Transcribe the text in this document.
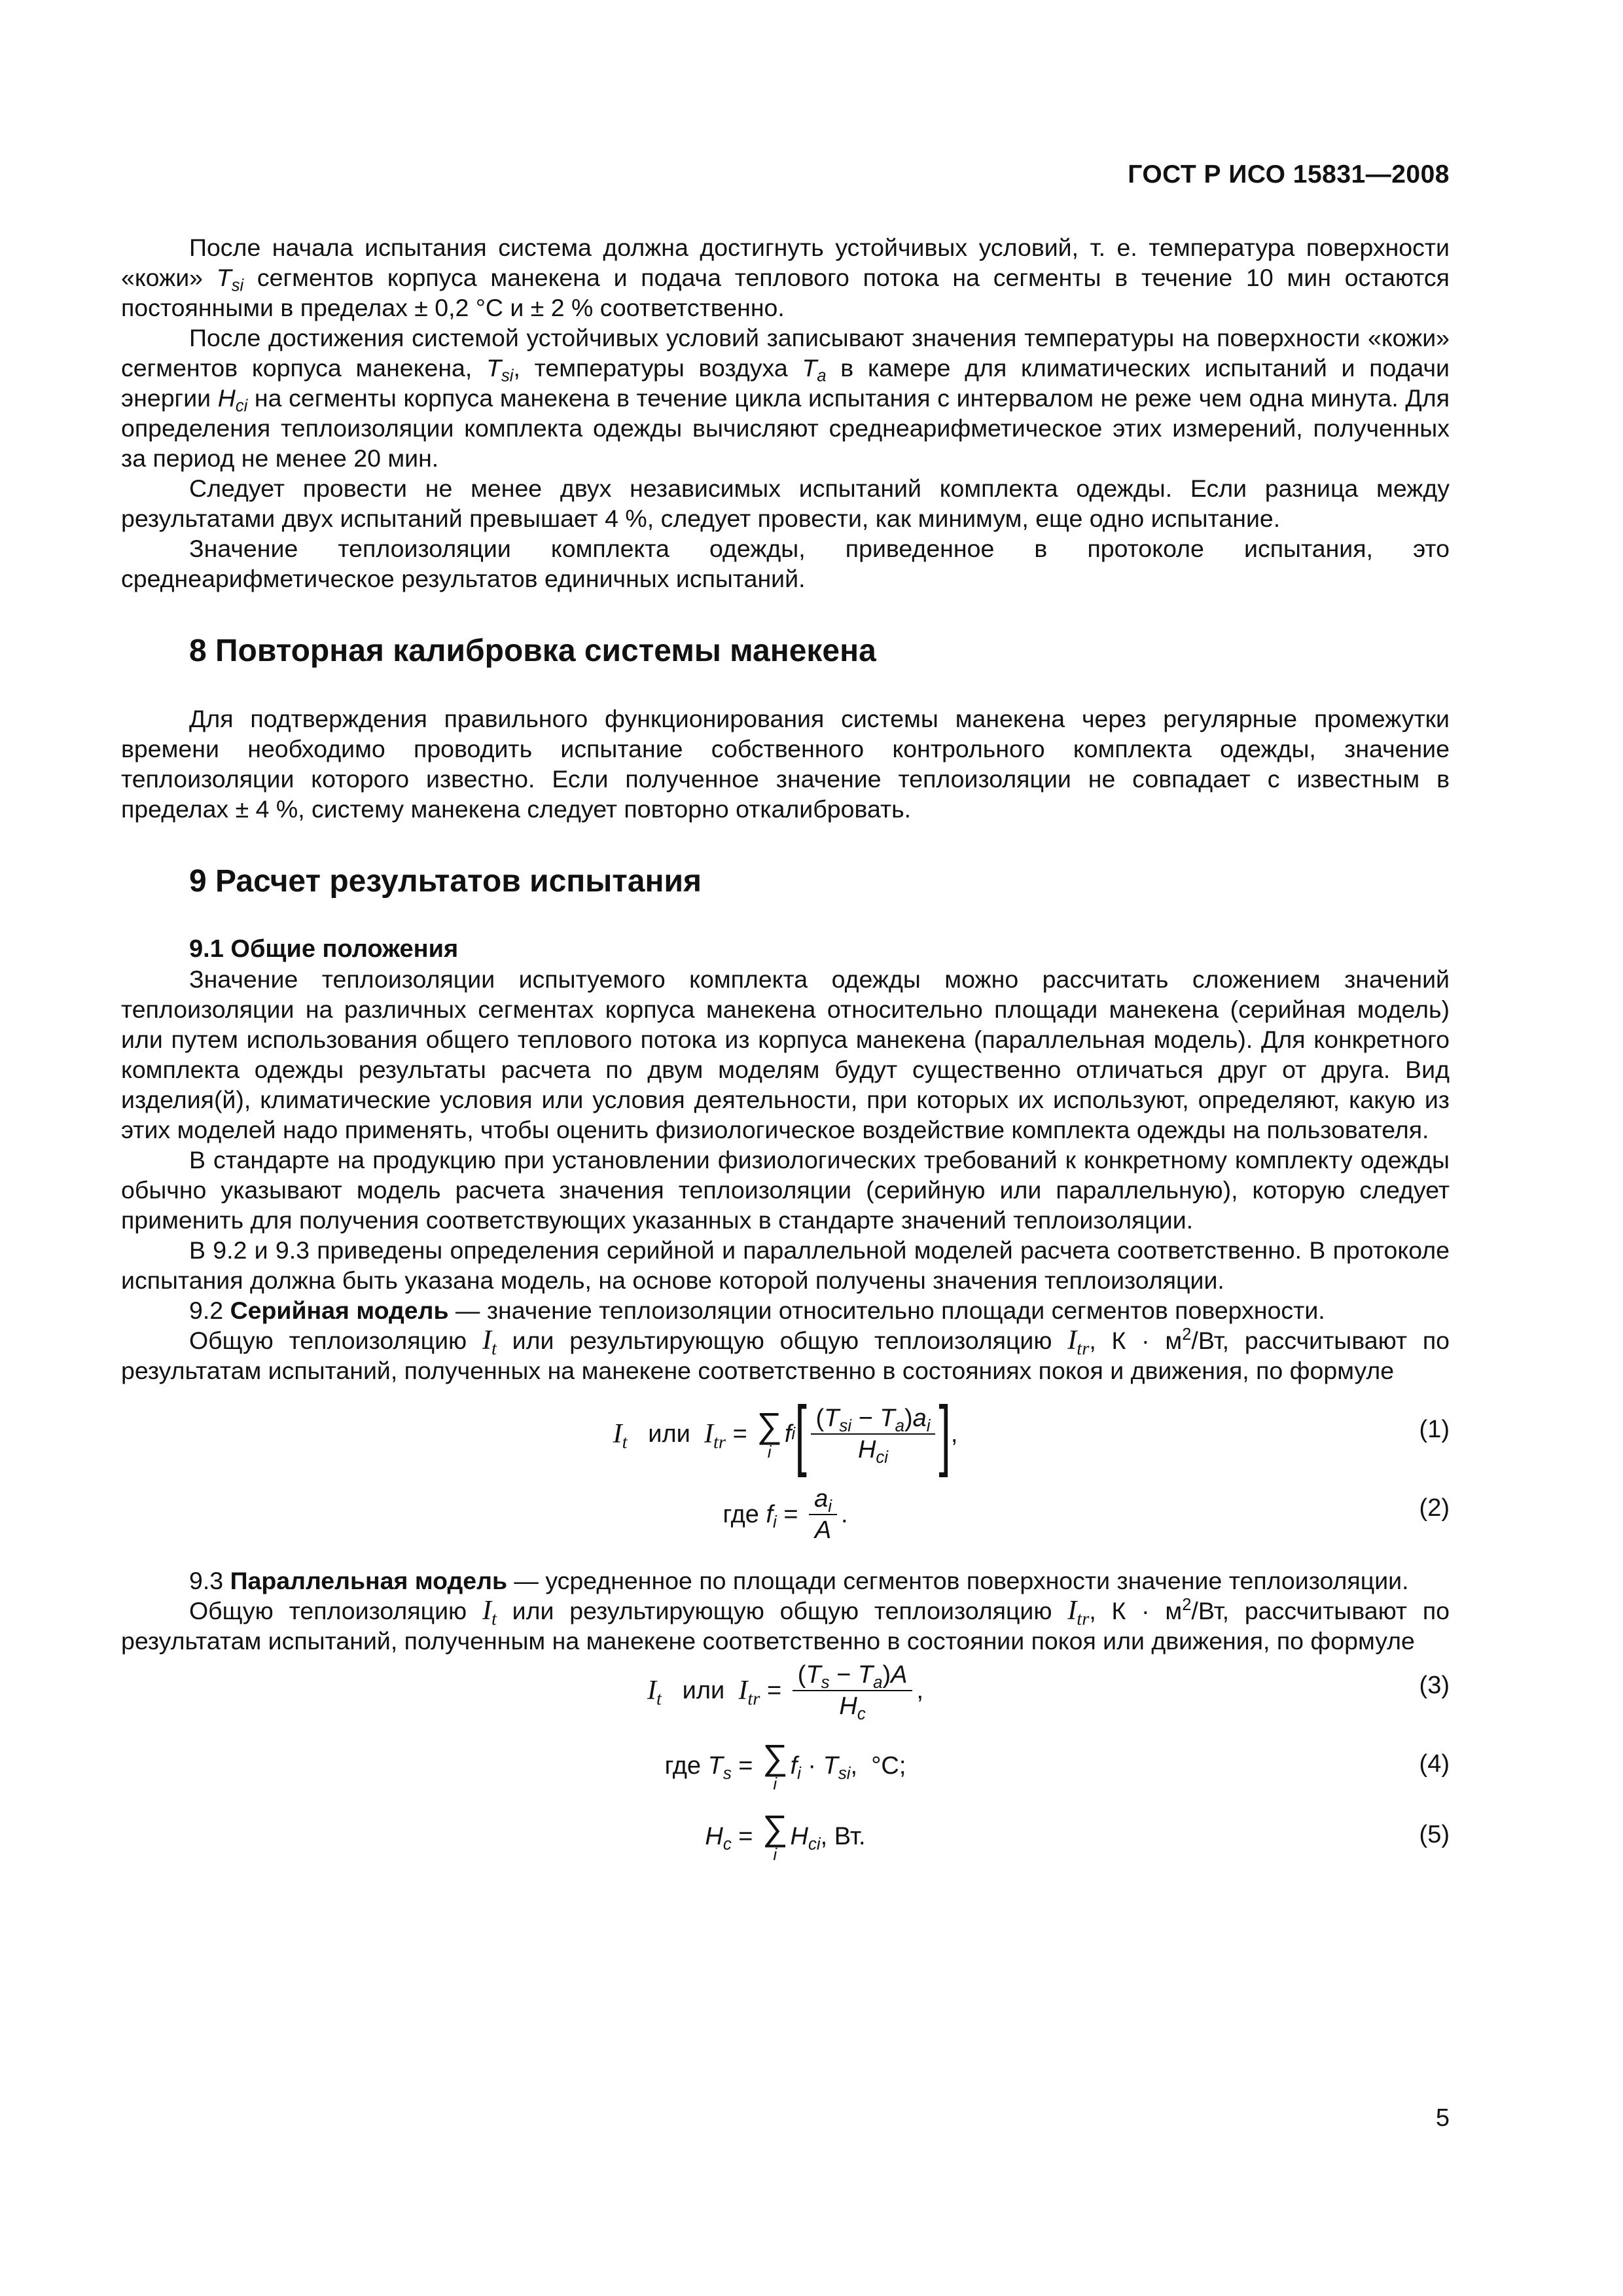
ГОСТ Р ИСО 15831—2008

После начала испытания система должна достигнуть устойчивых условий, т. е. температура поверхности «кожи» $T_{si}$ сегментов корпуса манекена и подача теплового потока на сегменты в течение 10 мин остаются постоянными в пределах ± 0,2 °С и ± 2 % соответственно.

После достижения системой устойчивых условий записывают значения температуры на поверхности «кожи» сегментов корпуса манекена, $T_{si}$, температуры воздуха $T_a$ в камере для климатических испытаний и подачи энергии $H_{ci}$ на сегменты корпуса манекена в течение цикла испытания с интервалом не реже чем одна минута. Для определения теплоизоляции комплекта одежды вычисляют среднеарифметическое этих измерений, полученных за период не менее 20 мин.

Следует провести не менее двух независимых испытаний комплекта одежды. Если разница между результатами двух испытаний превышает 4 %, следует провести, как минимум, еще одно испытание.

Значение теплоизоляции комплекта одежды, приведенное в протоколе испытания, это среднеарифметическое результатов единичных испытаний.

8 Повторная калибровка системы манекена

Для подтверждения правильного функционирования системы манекена через регулярные промежутки времени необходимо проводить испытание собственного контрольного комплекта одежды, значение теплоизоляции которого известно. Если полученное значение теплоизоляции не совпадает с известным в пределах ± 4 %, систему манекена следует повторно откалибровать.

9 Расчет результатов испытания
9.1 Общие положения

Значение теплоизоляции испытуемого комплекта одежды можно рассчитать сложением значений теплоизоляции на различных сегментах корпуса манекена относительно площади манекена (серийная модель) или путем использования общего теплового потока из корпуса манекена (параллельная модель). Для конкретного комплекта одежды результаты расчета по двум моделям будут существенно отличаться друг от друга. Вид изделия(й), климатические условия или условия деятельности, при которых их используют, определяют, какую из этих моделей надо применять, чтобы оценить физиологическое воздействие комплекта одежды на пользователя.

В стандарте на продукцию при установлении физиологических требований к конкретному комплекту одежды обычно указывают модель расчета значения теплоизоляции (серийную или параллельную), которую следует применить для получения соответствующих указанных в стандарте значений теплоизоляции.

В 9.2 и 9.3 приведены определения серийной и параллельной моделей расчета соответственно. В протоколе испытания должна быть указана модель, на основе которой получены значения теплоизоляции.

9.2 Серийная модель — значение теплоизоляции относительно площади сегментов поверхности.

Общую теплоизоляцию $I_t$ или результирующую общую теплоизоляцию $I_{tr}$, $К \cdot м^2/Вт$, рассчитывают по результатам испытаний, полученных на манекене соответственно в состояниях покоя и движения, по формуле

$I_t$
или
$I_{tr}$ = ∑
i
f i [ $\frac{(T_{si} - T_a)a_i}{H_{ci}}$ ] ,	(1)
где
$f_i = \frac{a_i}{A}$ .	(2)

9.3 Параллельная модель — усредненное по площади сегментов поверхности значение теплоизоляции.

Общую теплоизоляцию $I_t$ или результирующую общую теплоизоляцию $I_{tr}$, $К \cdot м^2/Вт$, рассчитывают по результатам испытаний, полученным на манекене соответственно в состоянии покоя или движения, по формуле

$I_t$
или
$I_{tr} = \frac{(T_s - T_a)A}{H_c}$ ,	(3)
где
$T_s$ = ∑
i
$f_i \cdot T_{si}$ , °С;	(4)
$H_c$ = ∑
i
$H_{ci}$ , Вт.	(5)
5
